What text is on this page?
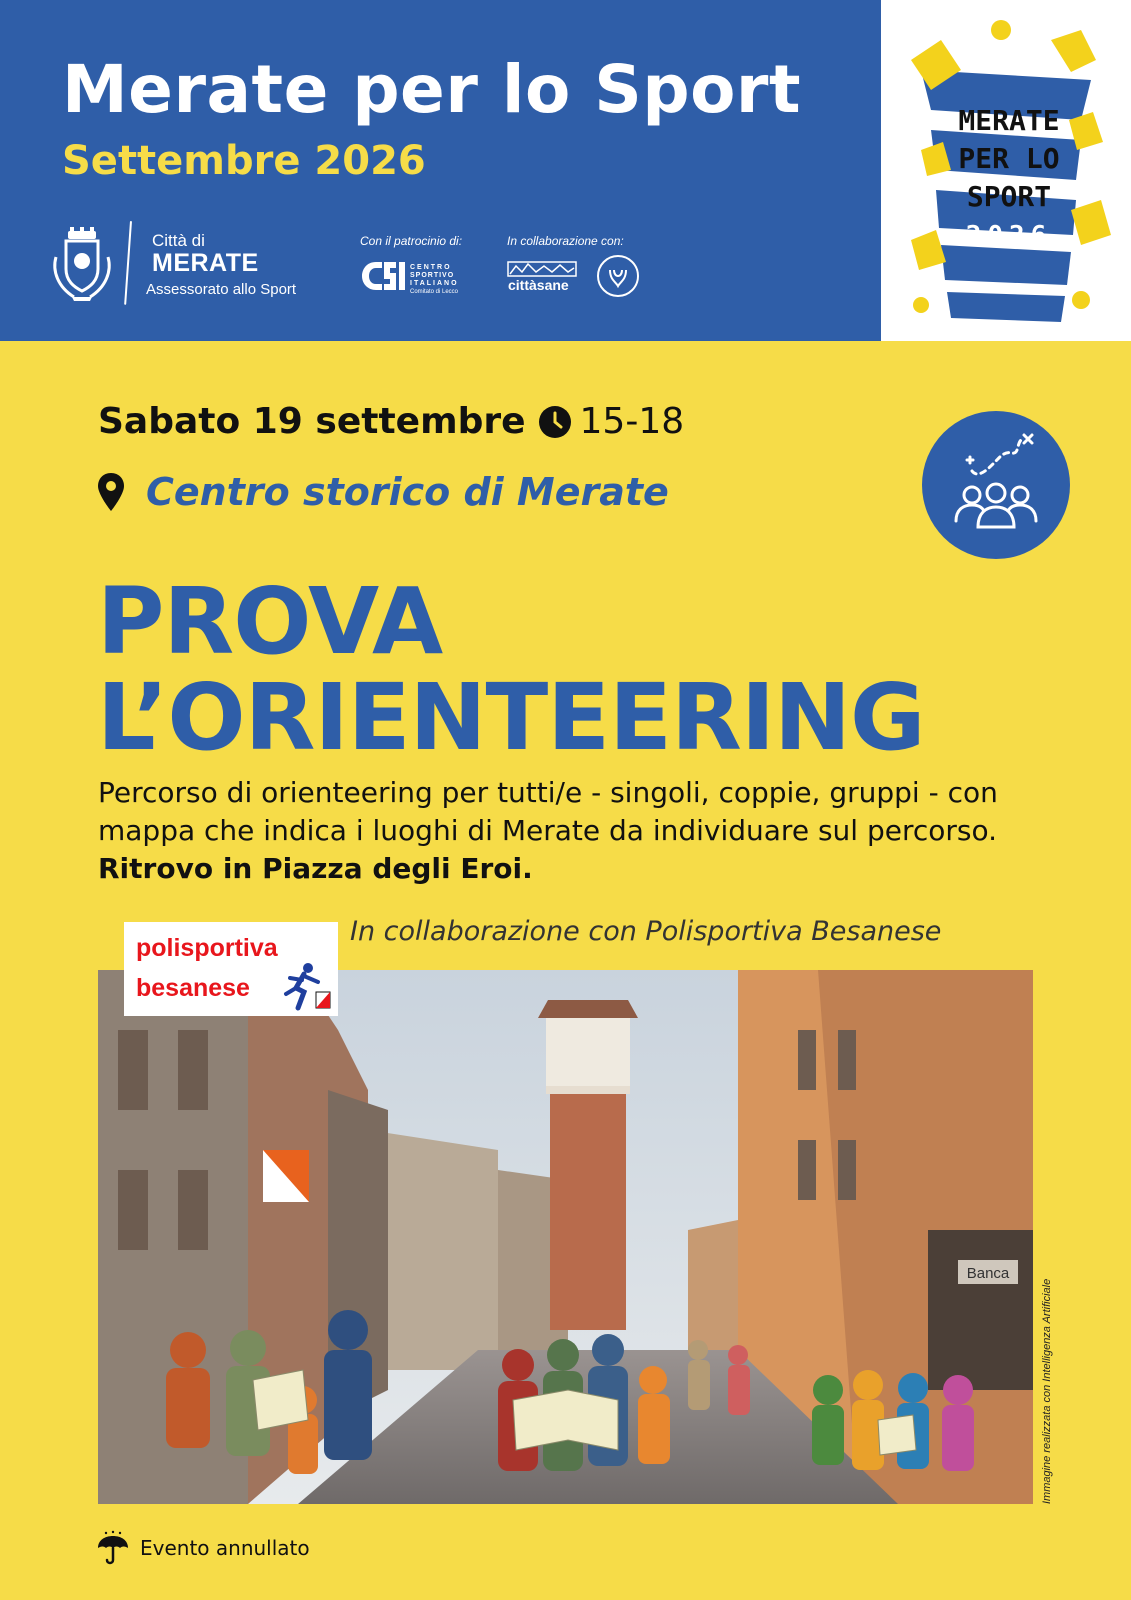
Merate per lo Sport
Settembre 2026
Città di
MERATE
Assessorato allo Sport
Con il patrocinio di:
CENTRO
SPORTIVO
ITALIANO
Comitato di Lecco
In collaborazione con:
cittàsane
MERATE
PER LO
SPORT
2026
Sabato 19 settembre 15-18
Centro storico di Merate
PROVA
L’ORIENTEERING
Percorso di orienteering per tutti/e - singoli, coppie, gruppi - con mappa che indica i luoghi di Merate da individuare sul percorso. Ritrovo in Piazza degli Eroi.
In collaborazione con Polisportiva Besanese
polisportiva
besanese
Banca
Immagine realizzata con Intelligenza Artificiale
Evento annullato
